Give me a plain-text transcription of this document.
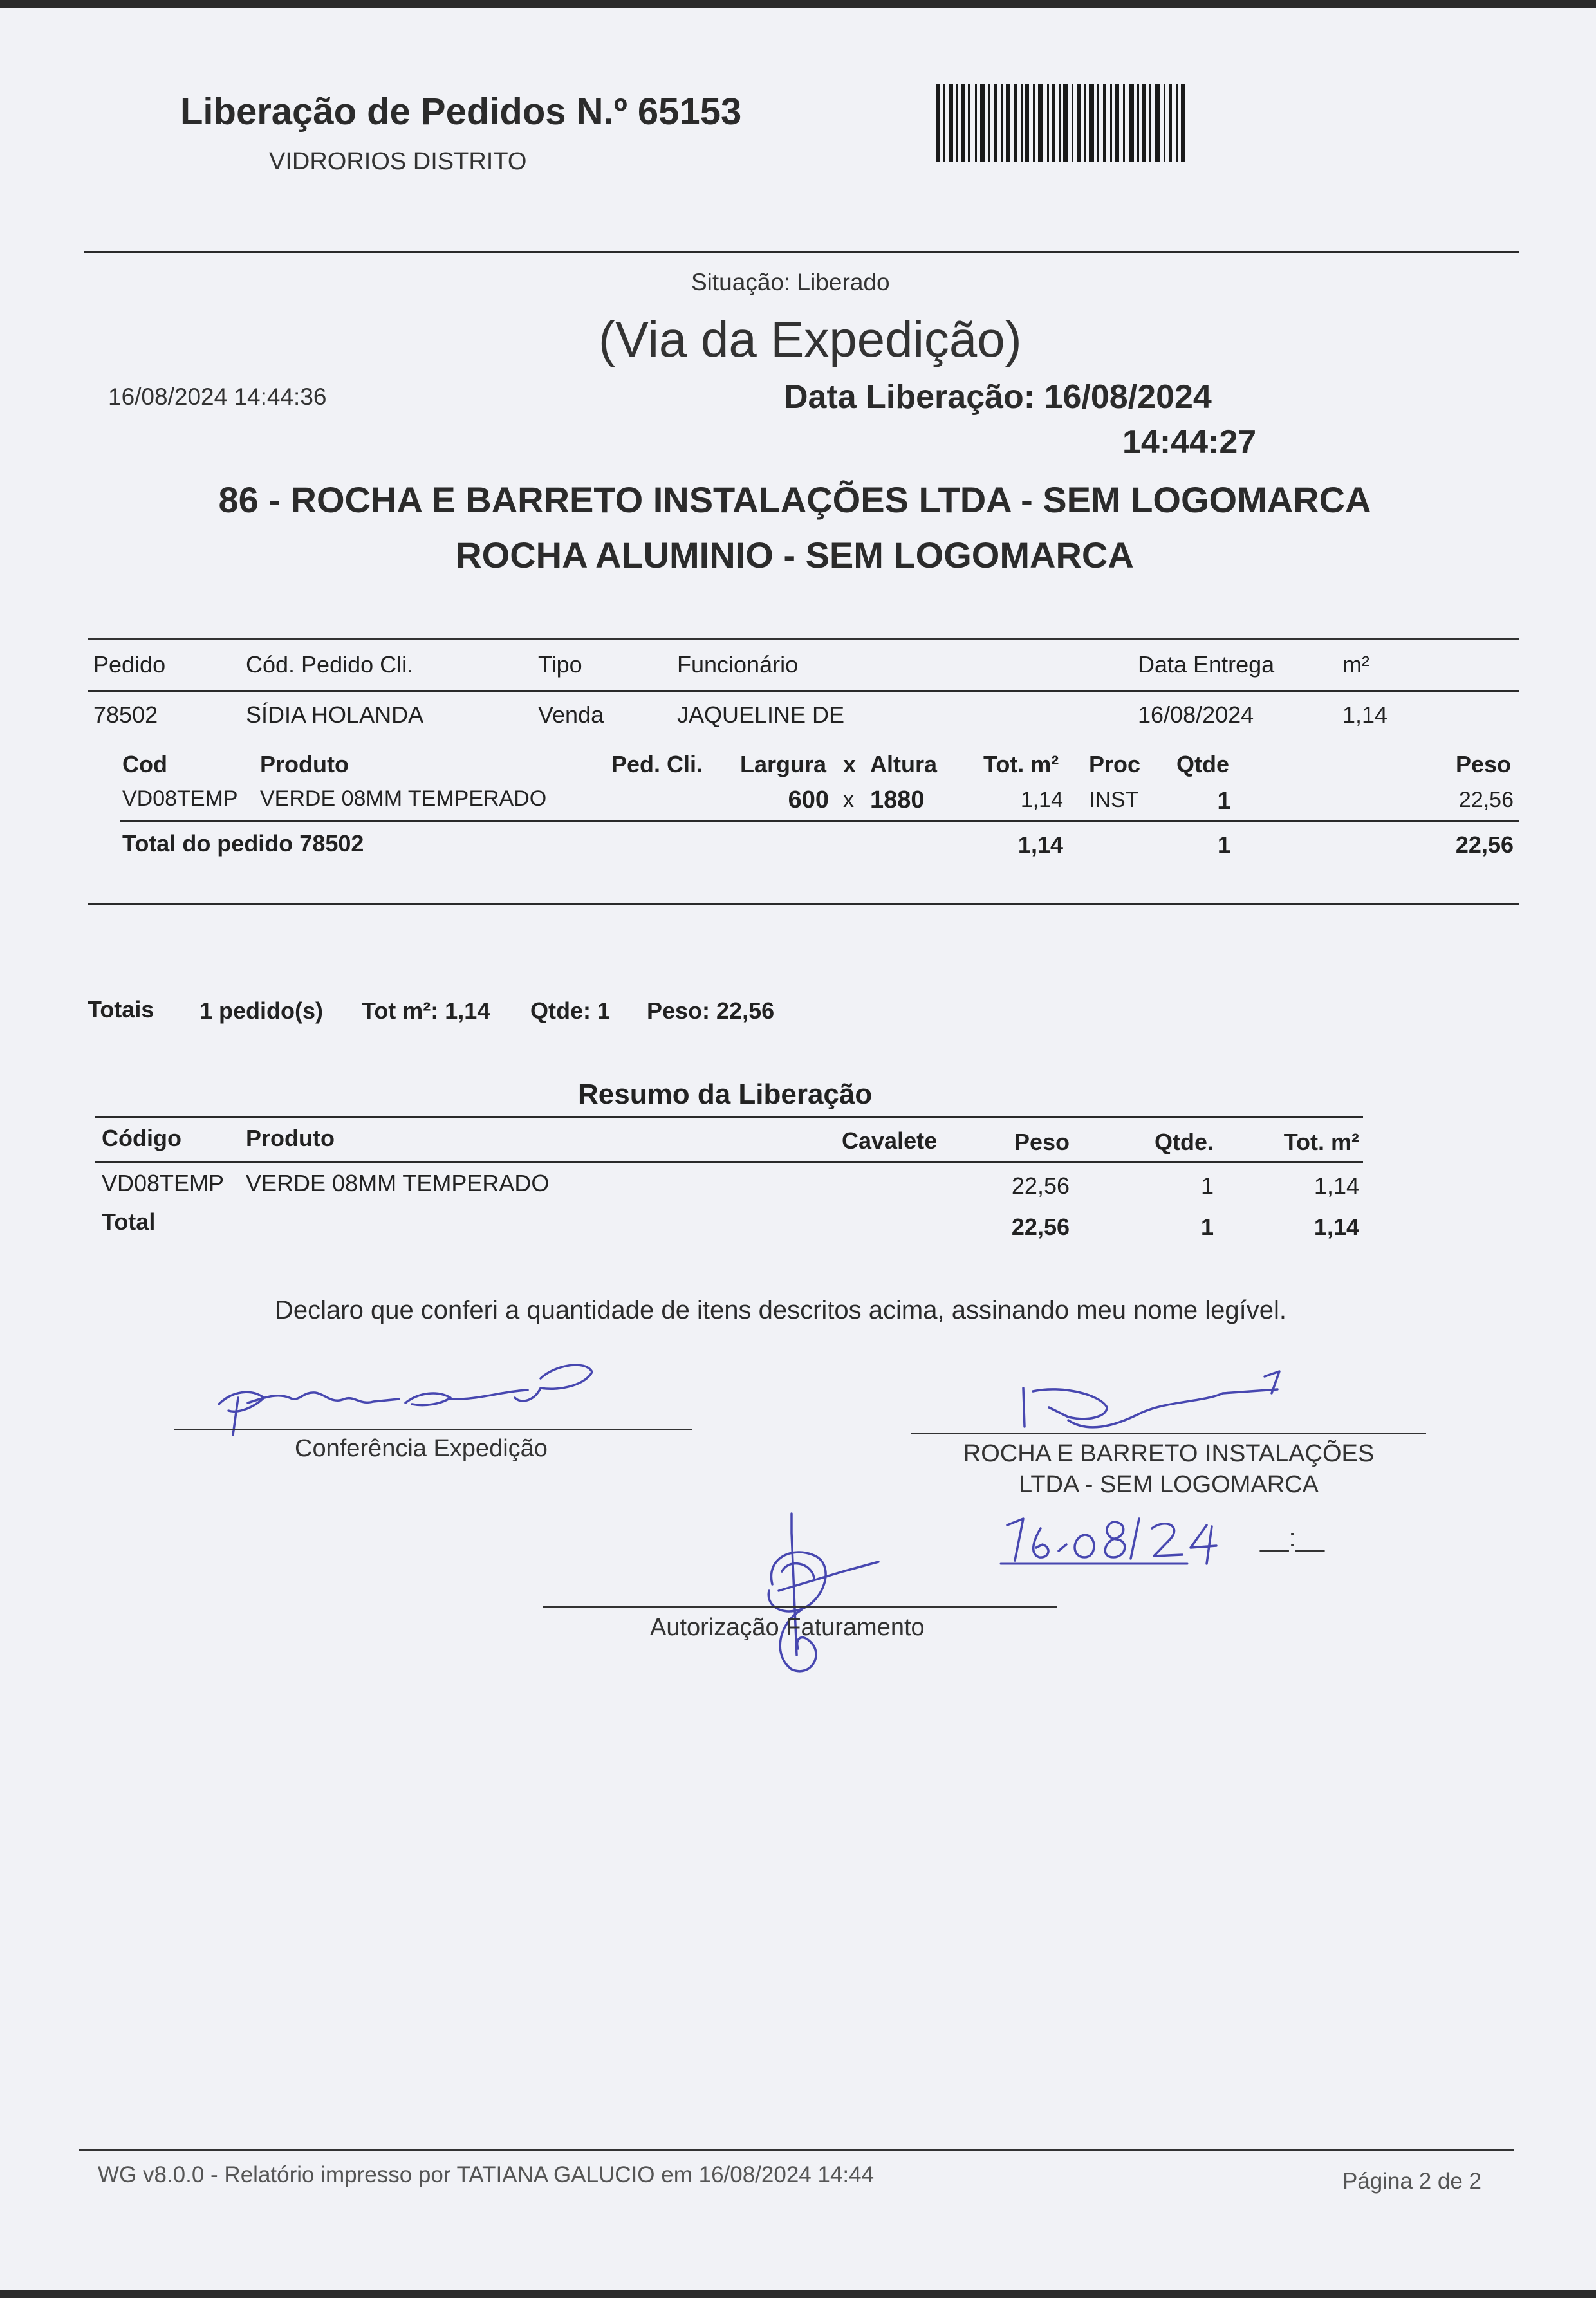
Liberação de Pedidos N.º 65153
VIDRORIOS DISTRITO
Situação: Liberado
(Via da Expedição)
16/08/2024 14:44:36	Data Liberação: 16/08/2024
14:44:27
86 - ROCHA E BARRETO INSTALAÇÕES LTDA - SEM LOGOMARCA
ROCHA ALUMINIO - SEM LOGOMARCA
Pedido	Cód. Pedido Cli.	Tipo	Funcionário	Data Entrega	m²
78502	SÍDIA HOLANDA	Venda	JAQUELINE DE	16/08/2024	1,14
Cod	Produto	Ped. Cli. Largura x Altura Tot. m² Proc Qtde	Peso
VD08TEMP VERDE 08MM TEMPERADO	600 x 1880	1,14 INST	1	22,56
Total do pedido 78502	1,14	1	22,56
Totais 1 pedido(s) Tot m²: 1,14 Qtde: 1 Peso: 22,56
Resumo da Liberação
Código	Produto	Cavalete	Peso	Qtde.	Tot. m²
VD08TEMP VERDE 08MM TEMPERADO	22,56	1	1,14
Total	22,56	1	1,14
Declaro que conferi a quantidade de itens descritos acima, assinando meu nome legível.
Conferência Expedição	ROCHA E BARRETO INSTALAÇÕES
LTDA - SEM LOGOMARCA
__:__
Autorização Faturamento
WG v8.0.0 - Relatório impresso por TATIANA GALUCIO em 16/08/2024 14:44	Página 2 de 2
